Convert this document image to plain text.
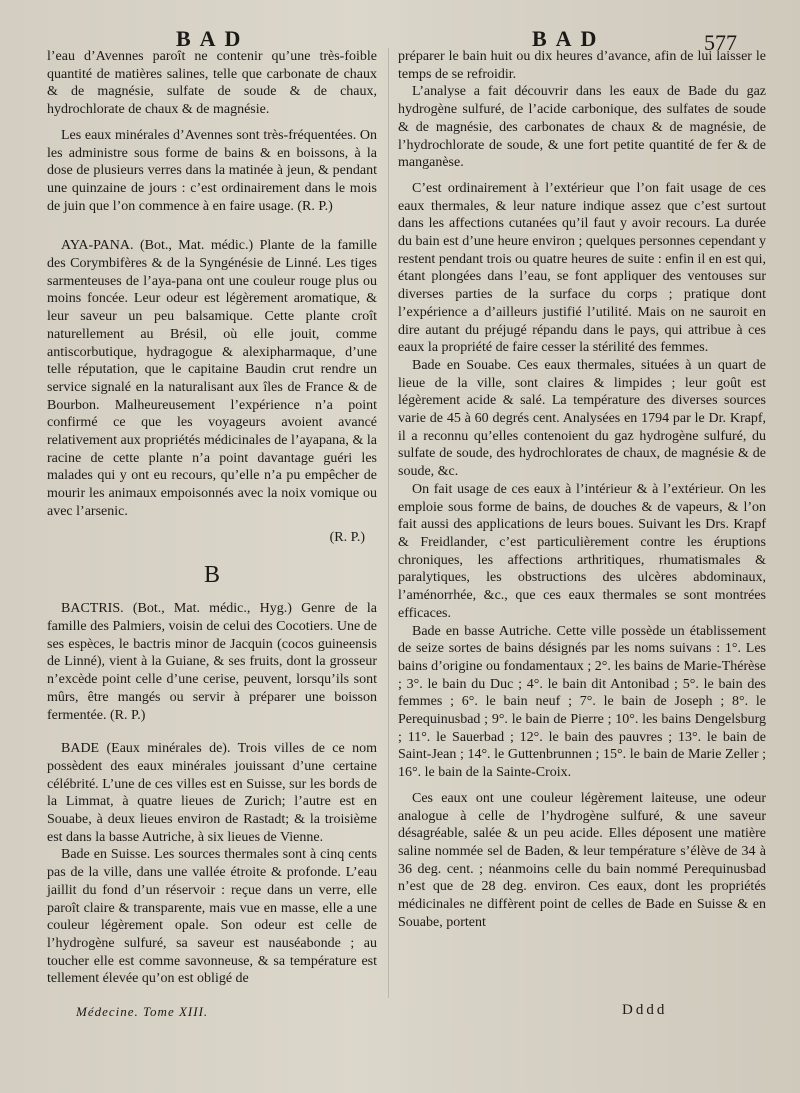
BAD	BAD	577

l’eau d’Avennes paroît ne contenir qu’une très-foible quantité de matières salines, telle que carbonate de chaux & de magnésie, sulfate de soude & de chaux, hydrochlorate de chaux & de magnésie.

Les eaux minérales d’Avennes sont très-fréquentées. On les administre sous forme de bains & en boissons, à la dose de plusieurs verres dans la matinée à jeun, & pendant une quinzaine de jours : c’est ordinairement dans le mois de juin que l’on commence à en faire usage. (R. P.)

AYA-PANA. (Bot., Mat. médic.) Plante de la famille des Corymbifères & de la Syngénésie de Linné. Les tiges sarmenteuses de l’aya-pana ont une couleur rouge plus ou moins foncée. Leur odeur est légèrement aromatique, & leur saveur un peu balsamique. Cette plante croît naturellement au Brésil, où elle jouit, comme antiscorbutique, hydragogue & alexipharmaque, d’une telle réputation, que le capitaine Baudin crut rendre un service signalé en la naturalisant aux îles de France & de Bourbon. Malheureusement l’expérience n’a point confirmé ce que les voyageurs avoient avancé relativement aux propriétés médicinales de l’ayapana, & la racine de cette plante n’a point davantage guéri les malades qui y ont eu recours, qu’elle n’a pu empêcher de mourir les animaux empoisonnés avec la noix vomique ou avec l’arsenic.

(R. P.)

B

BACTRIS. (Bot., Mat. médic., Hyg.) Genre de la famille des Palmiers, voisin de celui des Cocotiers. Une de ses espèces, le bactris minor de Jacquin (cocos guineensis de Linné), vient à la Guiane, & ses fruits, dont la grosseur n’excède point celle d’une cerise, peuvent, lorsqu’ils sont mûrs, être mangés ou servir à préparer une boisson fermentée. (R. P.)

BADE (Eaux minérales de). Trois villes de ce nom possèdent des eaux minérales jouissant d’une certaine célébrité. L’une de ces villes est en Suisse, sur les bords de la Limmat, à quatre lieues de Zurich; l’autre est en Souabe, à deux lieues environ de Rastadt; & la troisième est dans la basse Autriche, à six lieues de Vienne.

Bade en Suisse. Les sources thermales sont à cinq cents pas de la ville, dans une vallée étroite & profonde. L’eau jaillit du fond d’un réservoir : reçue dans un verre, elle paroît claire & transparente, mais vue en masse, elle a une couleur légèrement opale. Son odeur est celle de l’hydrogène sulfuré, sa saveur est nauséabonde ; au toucher elle est comme savonneuse, & sa température est tellement élevée qu’on est obligé de

préparer le bain huit ou dix heures d’avance, afin de lui laisser le temps de se refroidir.

L’analyse a fait découvrir dans les eaux de Bade du gaz hydrogène sulfuré, de l’acide carbonique, des sulfates de soude & de magnésie, des carbonates de chaux & de magnésie, de l’hydrochlorate de soude, & une fort petite quantité de fer & de manganèse.

C’est ordinairement à l’extérieur que l’on fait usage de ces eaux thermales, & leur nature indique assez que c’est surtout dans les affections cutanées qu’il faut y avoir recours. La durée du bain est d’une heure environ ; quelques personnes cependant y restent pendant trois ou quatre heures de suite : enfin il en est qui, étant plongées dans l’eau, se font appliquer des ventouses sur diverses parties de la surface du corps ; pratique dont l’expérience a d’ailleurs justifié l’utilité. Mais on ne sauroit en dire autant du préjugé répandu dans le pays, qui attribue à ces eaux la propriété de faire cesser la stérilité des femmes.

Bade en Souabe. Ces eaux thermales, situées à un quart de lieue de la ville, sont claires & limpides ; leur goût est légèrement acide & salé. La température des diverses sources varie de 45 à 60 degrés cent. Analysées en 1794 par le Dr. Krapf, il a reconnu qu’elles contenoient du gaz hydrogène sulfuré, du sulfate de soude, des hydrochlorates de chaux, de magnésie & de soude, &c.

On fait usage de ces eaux à l’intérieur & à l’extérieur. On les emploie sous forme de bains, de douches & de vapeurs, & l’on fait aussi des applications de leurs boues. Suivant les Drs. Krapf & Freidlander, c’est particulièrement contre les éruptions chroniques, les affections arthritiques, rhumatismales & paralytiques, les obstructions des ulcères abdominaux, l’aménorrhée, &c., que ces eaux thermales se sont montrées efficaces.

Bade en basse Autriche. Cette ville possède un établissement de seize sortes de bains désignés par les noms suivans : 1°. Les bains d’origine ou fondamentaux ; 2°. les bains de Marie-Thérèse ; 3°. le bain du Duc ; 4°. le bain dit Antonibad ; 5°. le bain des femmes ; 6°. le bain neuf ; 7°. le bain de Joseph ; 8°. le Perequinusbad ; 9°. le bain de Pierre ; 10°. les bains Dengelsburg ; 11°. le Sauerbad ; 12°. le bain des pauvres ; 13°. le bain de Saint-Jean ; 14°. le Guttenbrunnen ; 15°. le bain de Marie Zeller ; 16°. le bain de la Sainte-Croix.

Ces eaux ont une couleur légèrement laiteuse, une odeur analogue à celle de l’hydrogène sulfuré, & une saveur désagréable, salée & un peu acide. Elles déposent une matière saline nommée sel de Baden, & leur température s’élève de 34 à 36 deg. cent. ; néanmoins celle du bain nommé Perequinusbad n’est que de 28 deg. environ. Ces eaux, dont les propriétés médicinales ne diffèrent point de celles de Bade en Suisse & en Souabe, portent

Médecine. Tome XIII.	Dddd
